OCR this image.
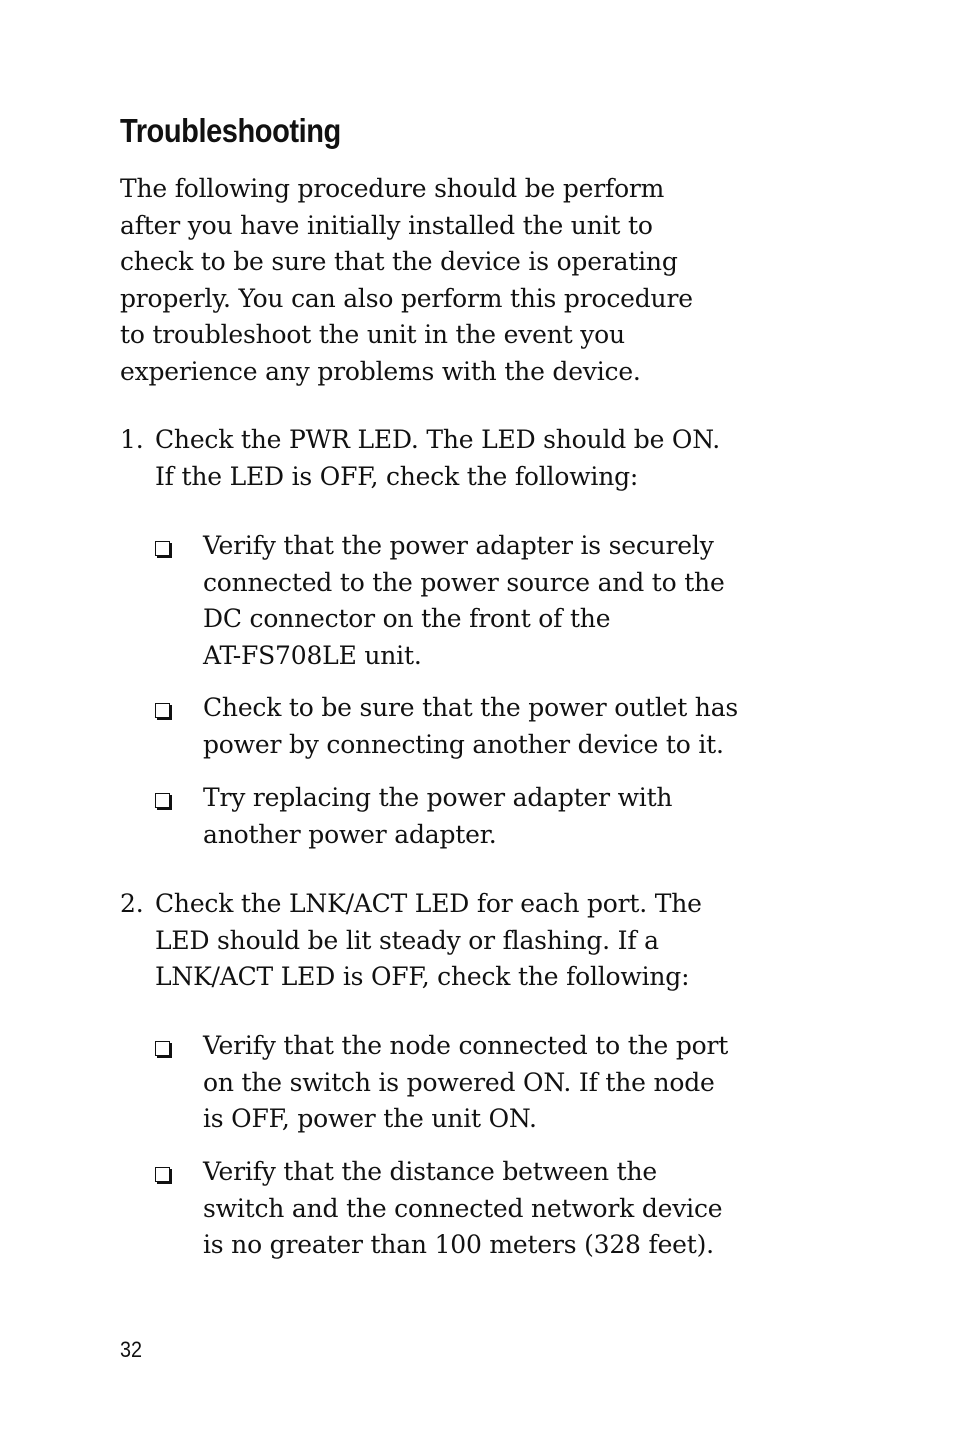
Troubleshooting

The following procedure should be perform
after you have initially installed the unit to
check to be sure that the device is operating
properly. You can also perform this procedure
to troubleshoot the unit in the event you
experience any problems with the device.

1. Check the PWR LED. The LED should be ON.
If the LED is OFF, check the following:
Verify that the power adapter is securely
connected to the power source and to the
DC connector on the front of the
AT-FS708LE unit.
Check to be sure that the power outlet has
power by connecting another device to it.
Try replacing the power adapter with
another power adapter.
2. Check the LNK/ACT LED for each port. The
LED should be lit steady or flashing. If a
LNK/ACT LED is OFF, check the following:
Verify that the node connected to the port
on the switch is powered ON. If the node
is OFF, power the unit ON.
Verify that the distance between the
switch and the connected network device
is no greater than 100 meters (328 feet).
32
